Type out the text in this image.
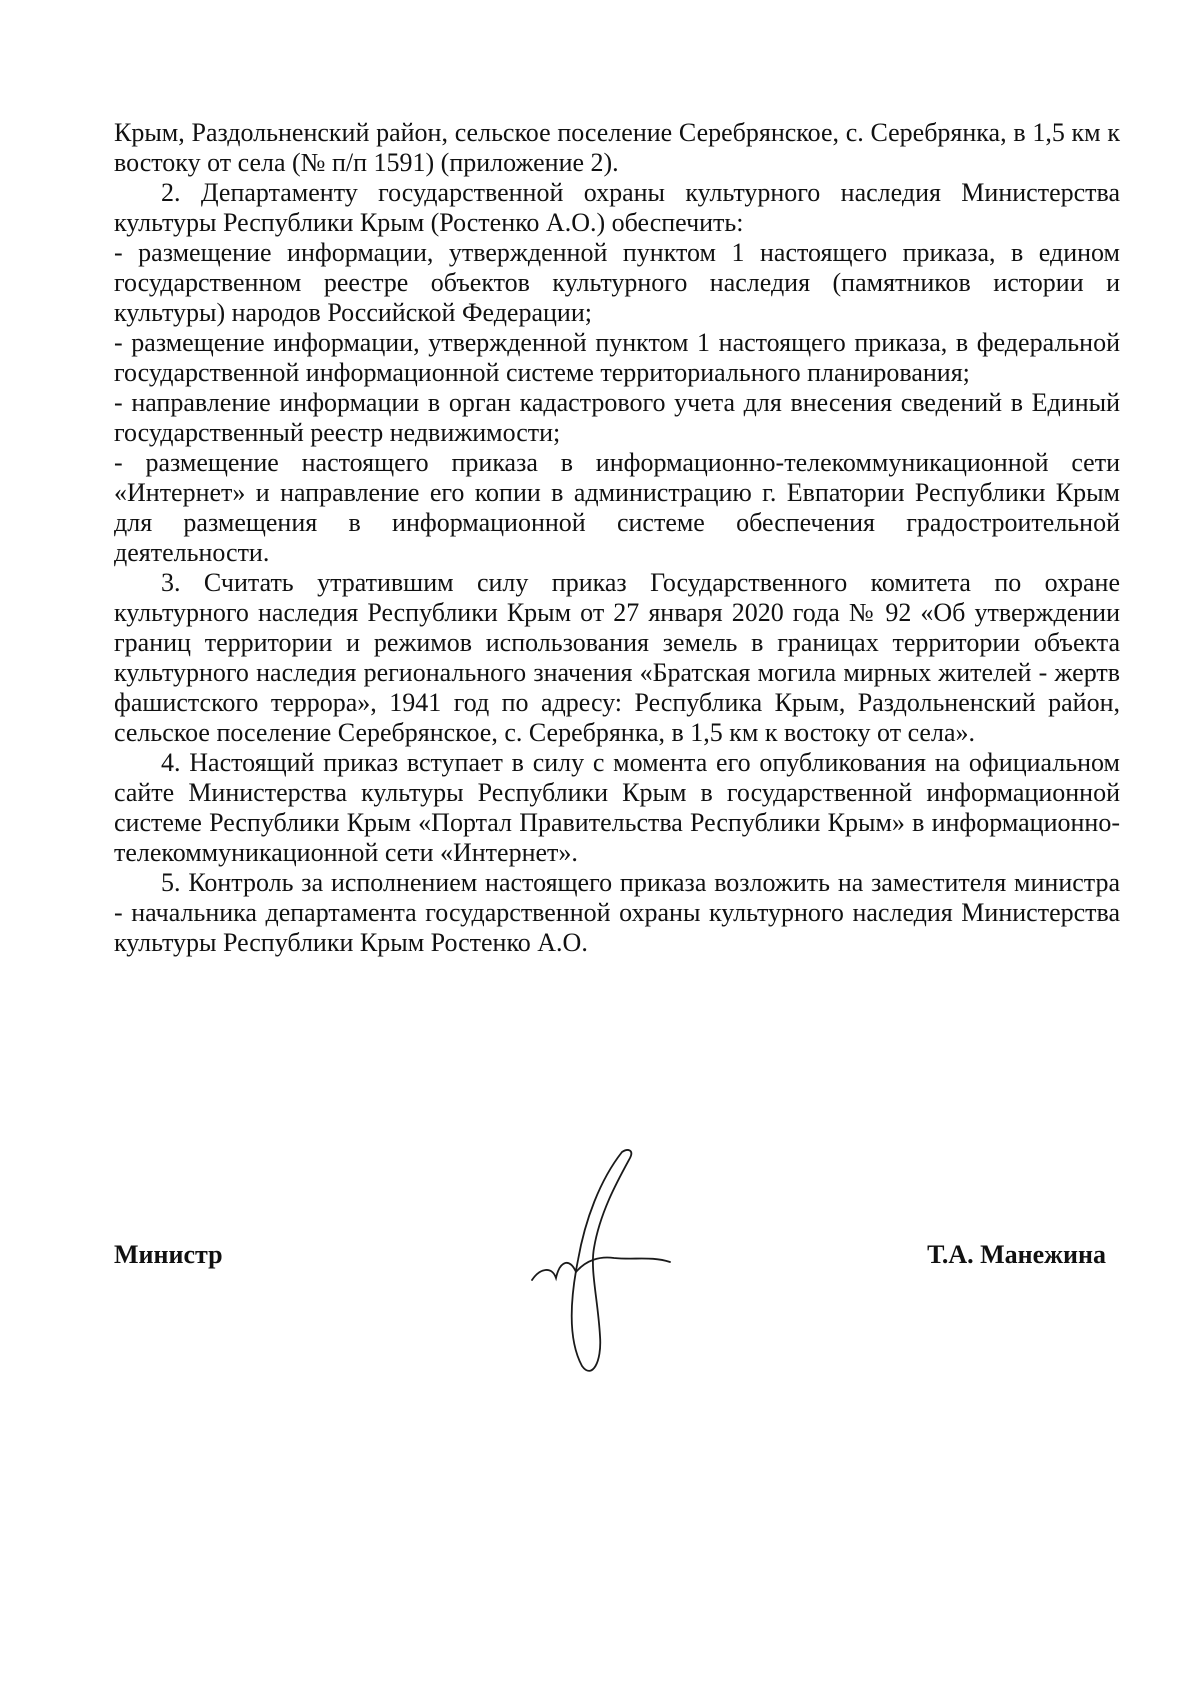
Крым, Раздольненский район, сельское поселение Серебрянское, с. Серебрянка, в 1,5 км к востоку от села (№ п/п 1591) (приложение 2).

2. Департаменту государственной охраны культурного наследия Министерства культуры Республики Крым (Ростенко А.О.) обеспечить:

- размещение информации, утвержденной пунктом 1 настоящего приказа, в едином государственном реестре объектов культурного наследия (памятников истории и культуры) народов Российской Федерации;

- размещение информации, утвержденной пунктом 1 настоящего приказа, в федеральной государственной информационной системе территориального планирования;

- направление информации в орган кадастрового учета для внесения сведений в Единый государственный реестр недвижимости;

- размещение настоящего приказа в информационно-телекоммуникационной сети «Интернет» и направление его копии в администрацию г. Евпатории Республики Крым для размещения в информационной системе обеспечения градостроительной деятельности.

3. Считать утратившим силу приказ Государственного комитета по охране культурного наследия Республики Крым от 27 января 2020 года № 92 «Об утверждении границ территории и режимов использования земель в границах территории объекта культурного наследия регионального значения «Братская могила мирных жителей - жертв фашистского террора», 1941 год по адресу: Республика Крым, Раздольненский район, сельское поселение Серебрянское, с. Серебрянка, в 1,5 км к востоку от села».

4. Настоящий приказ вступает в силу с момента его опубликования на официальном сайте Министерства культуры Республики Крым в государственной информационной системе Республики Крым «Портал Правительства Республики Крым» в информационно-телекоммуникационной сети «Интернет».

5. Контроль за исполнением настоящего приказа возложить на заместителя министра - начальника департамента государственной охраны культурного наследия Министерства культуры Республики Крым Ростенко А.О.

Министр	Т.А. Манежина
